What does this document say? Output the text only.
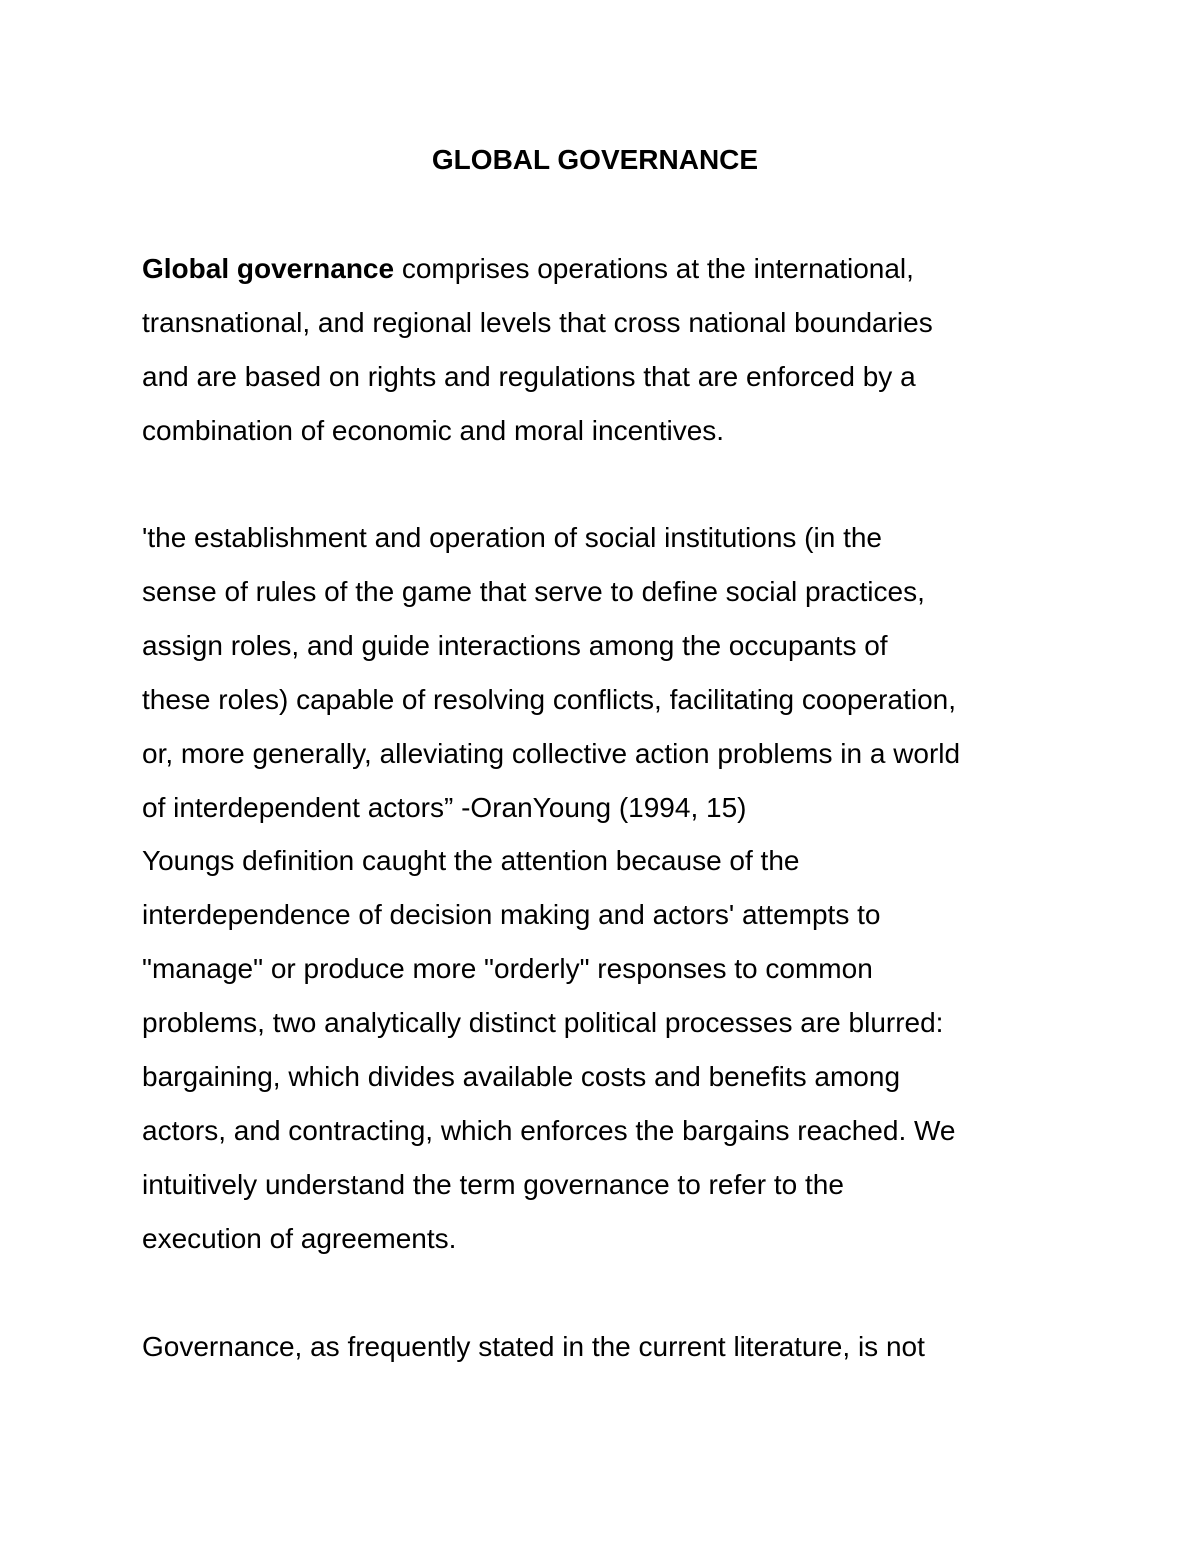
GLOBAL GOVERNANCE
Global governance comprises operations at the international,
transnational, and regional levels that cross national boundaries
and are based on rights and regulations that are enforced by a
combination of economic and moral incentives.
'the establishment and operation of social institutions (in the
sense of rules of the game that serve to define social practices,
assign roles, and guide interactions among the occupants of
these roles) capable of resolving conflicts, facilitating cooperation,
or, more generally, alleviating collective action problems in a world
of interdependent actors” -OranYoung (1994, 15)
Youngs definition caught the attention because of the
interdependence of decision making and actors' attempts to
"manage" or produce more "orderly" responses to common
problems, two analytically distinct political processes are blurred:
bargaining, which divides available costs and benefits among
actors, and contracting, which enforces the bargains reached. We
intuitively understand the term governance to refer to the
execution of agreements.
Governance, as frequently stated in the current literature, is not
